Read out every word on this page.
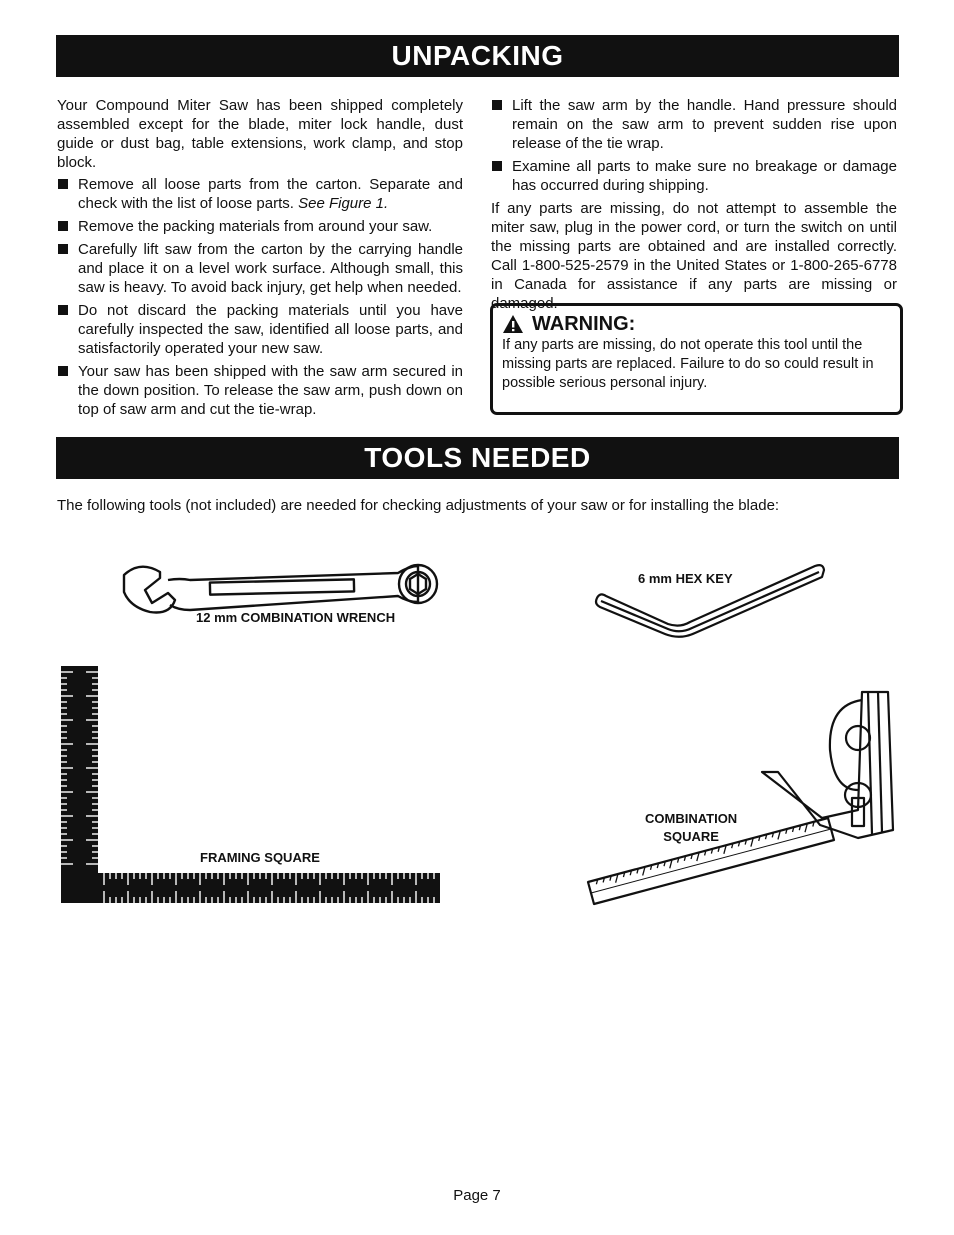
UNPACKING

Your Compound Miter Saw has been shipped completely assembled except for the blade, miter lock handle, dust guide or dust bag, table extensions, work clamp, and stop block.

Remove all loose parts from the carton. Separate and check with the list of loose parts. See Figure 1.
Remove the packing materials from around your saw.
Carefully lift saw from the carton by the carrying handle and place it on a level work surface. Although small, this saw is heavy. To avoid back injury, get help when needed.
Do not discard the packing materials until you have carefully inspected the saw, identified all loose parts, and satisfactorily operated your new saw.
Your saw has been shipped with the saw arm secured in the down position. To release the saw arm, push down on top of saw arm and cut the tie-wrap.
Lift the saw arm by the handle. Hand pressure should remain on the saw arm to prevent sudden rise upon release of the tie wrap.
Examine all parts to make sure no breakage or damage has occurred during shipping.

If any parts are missing, do not attempt to assemble the miter saw, plug in the power cord, or turn the switch on until the missing parts are obtained and are installed correctly. Call 1-800-525-2579 in the United States or 1-800-265-6778 in Canada for assistance if any parts are missing or damaged.

WARNING:
If any parts are missing, do not operate this tool until the missing parts are replaced. Failure to do so could result in possible serious personal injury.
TOOLS NEEDED
The following tools (not included) are needed for checking adjustments of your saw or for installing the blade:
12 mm COMBINATION WRENCH
6 mm HEX KEY
FRAMING SQUARE
COMBINATION
SQUARE
Page 7
